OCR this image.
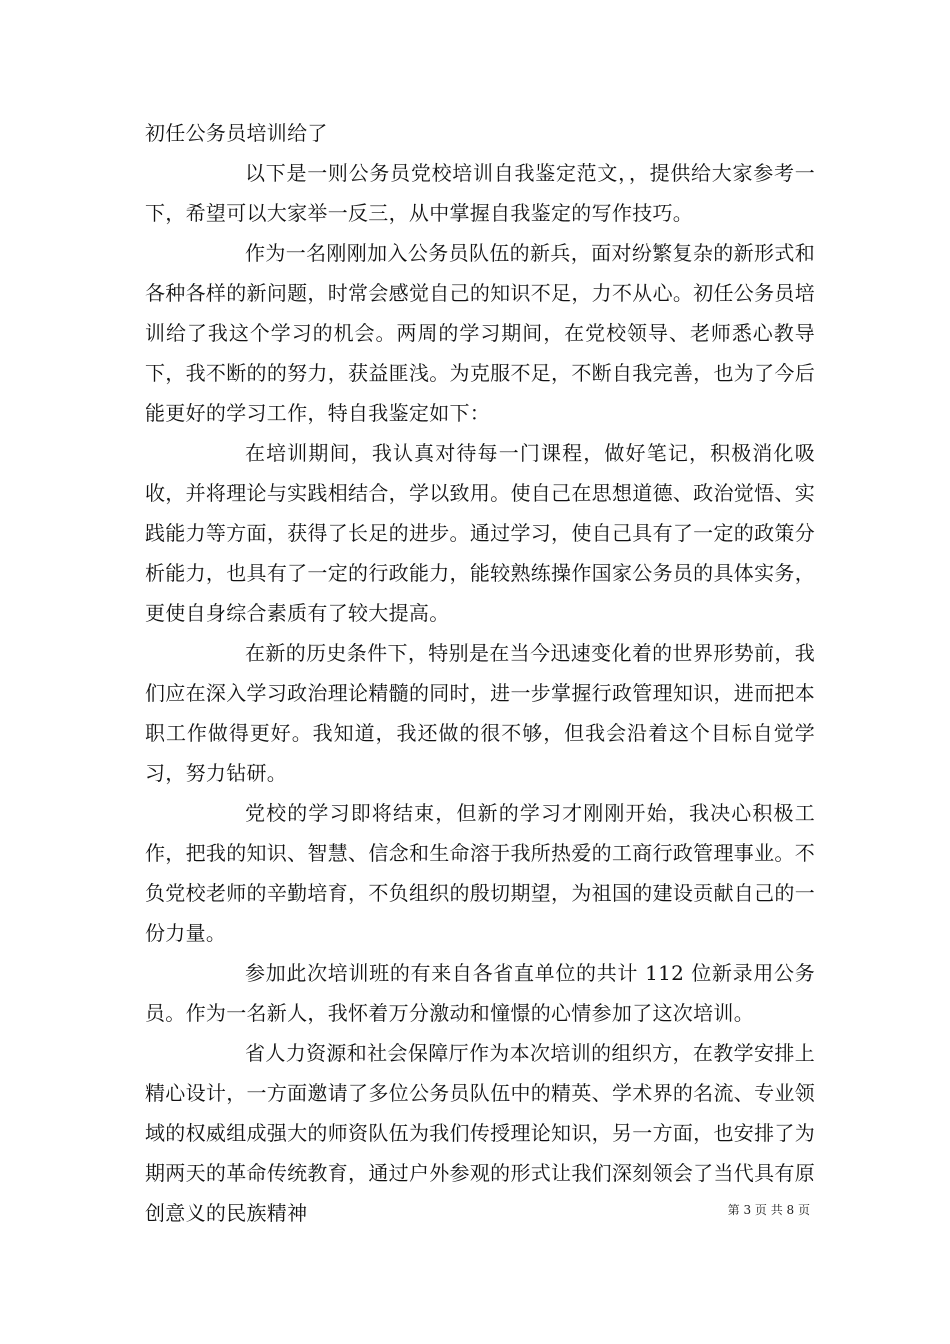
初任公务员培训给了

以下是一则公务员党校培训自我鉴定范文，，提供给大家参考一下，希望可以大家举一反三，从中掌握自我鉴定的写作技巧。

作为一名刚刚加入公务员队伍的新兵，面对纷繁复杂的新形式和各种各样的新问题，时常会感觉自己的知识不足，力不从心。初任公务员培训给了我这个学习的机会。两周的学习期间，在党校领导、老师悉心教导下，我不断的的努力，获益匪浅。为克服不足，不断自我完善，也为了今后能更好的学习工作，特自我鉴定如下：

在培训期间，我认真对待每一门课程，做好笔记，积极消化吸收，并将理论与实践相结合，学以致用。使自己在思想道德、政治觉悟、实践能力等方面，获得了长足的进步。通过学习，使自己具有了一定的政策分析能力，也具有了一定的行政能力，能较熟练操作国家公务员的具体实务，更使自身综合素质有了较大提高。

在新的历史条件下，特别是在当今迅速变化着的世界形势前，我们应在深入学习政治理论精髓的同时，进一步掌握行政管理知识，进而把本职工作做得更好。我知道，我还做的很不够，但我会沿着这个目标自觉学习，努力钻研。

党校的学习即将结束，但新的学习才刚刚开始，我决心积极工作，把我的知识、智慧、信念和生命溶于我所热爱的工商行政管理事业。不负党校老师的辛勤培育，不负组织的殷切期望，为祖国的建设贡献自己的一份力量。

参加此次培训班的有来自各省直单位的共计 112 位新录用公务员。作为一名新人，我怀着万分激动和憧憬的心情参加了这次培训。

省人力资源和社会保障厅作为本次培训的组织方，在教学安排上精心设计，一方面邀请了多位公务员队伍中的精英、学术界的名流、专业领域的权威组成强大的师资队伍为我们传授理论知识，另一方面，也安排了为期两天的革命传统教育，通过户外参观的形式让我们深刻领会了当代具有原创意义的民族精神	第 3 页 共 8 页
